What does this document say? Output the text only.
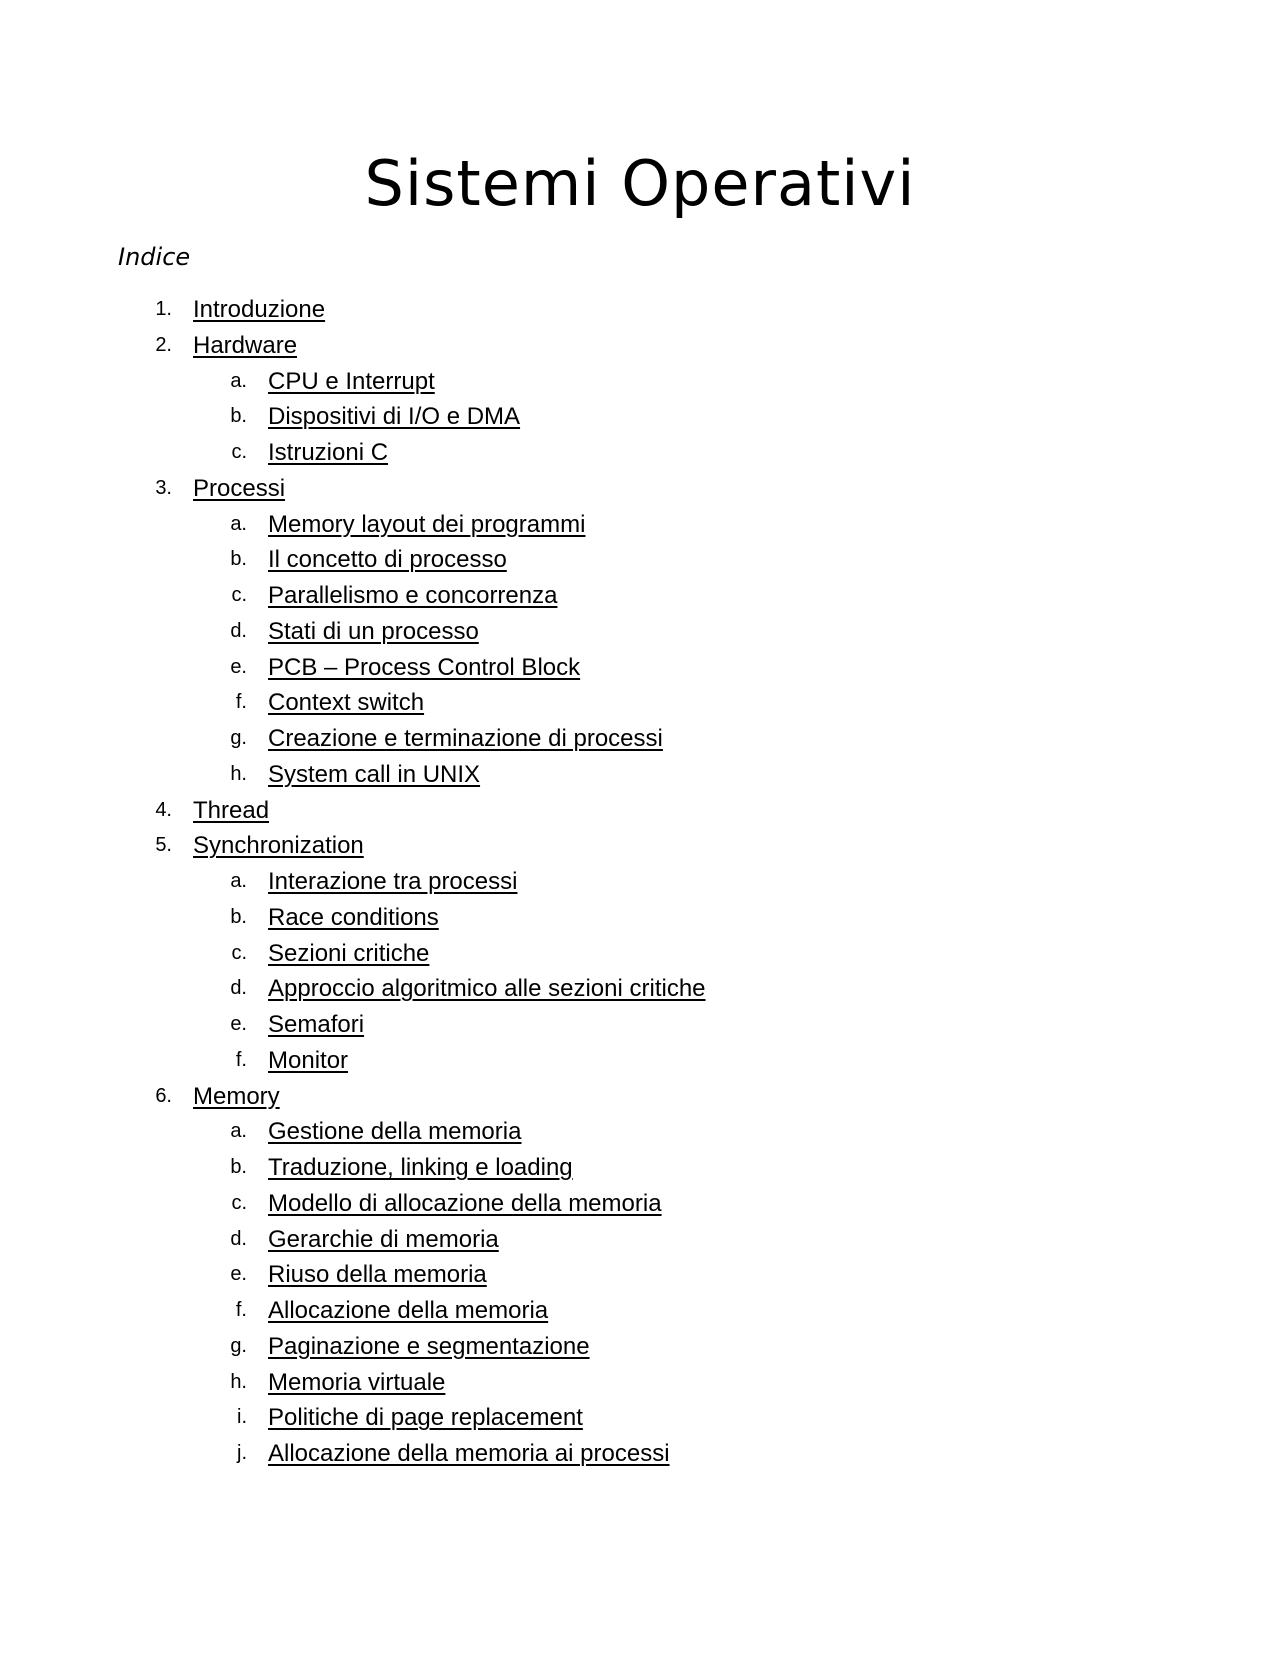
Sistemi Operativi
Indice
1. Introduzione
2. Hardware
a. CPU e Interrupt
b. Dispositivi di I/O e DMA
c. Istruzioni C
3. Processi
a. Memory layout dei programmi
b. Il concetto di processo
c. Parallelismo e concorrenza
d. Stati di un processo
e. PCB – Process Control Block
f. Context switch
g. Creazione e terminazione di processi
h. System call in UNIX
4. Thread
5. Synchronization
a. Interazione tra processi
b. Race conditions
c. Sezioni critiche
d. Approccio algoritmico alle sezioni critiche
e. Semafori
f. Monitor
6. Memory
a. Gestione della memoria
b. Traduzione, linking e loading
c. Modello di allocazione della memoria
d. Gerarchie di memoria
e. Riuso della memoria
f. Allocazione della memoria
g. Paginazione e segmentazione
h. Memoria virtuale
i. Politiche di page replacement
j. Allocazione della memoria ai processi
